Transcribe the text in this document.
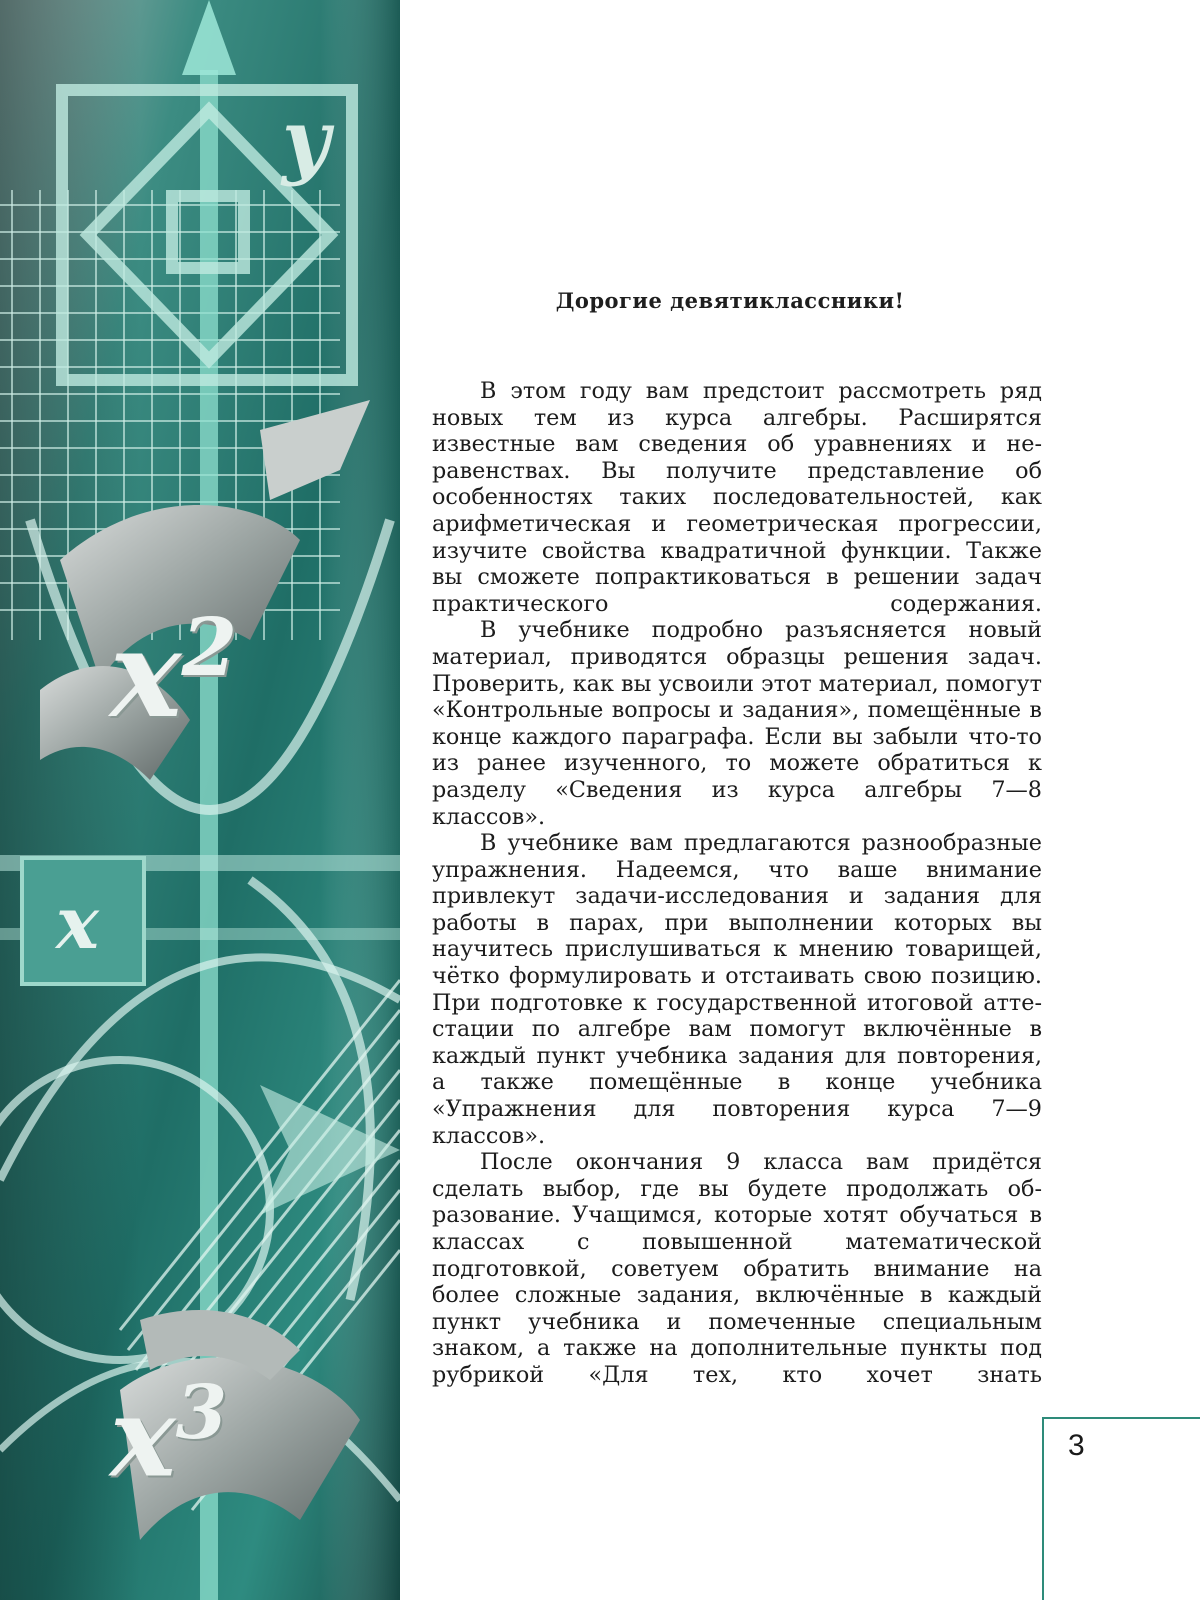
y
x
$x^2$
$x^3$
Дорогие девятиклассники!

В этом году вам предстоит рассмотреть ряд новых тем из курса алгебры. Расширятся известные вам сведения об уравнениях и неравенствах. Вы получите представление об особенностях таких последовательностей, как арифметическая и геометрическая прогрессии, изучите свойства квадратичной функции. Также вы сможете попрактиковаться в решении задач практического содержания.

В учебнике подробно разъясняется новый материал, приводятся образцы решения задач. Проверить, как вы усвоили этот материал, помогут «Контрольные вопросы и задания», помещённые в конце каждого параграфа. Если вы забыли что-то из ранее изученного, то можете обратиться к разделу «Сведения из курса алгебры 7—8 классов».

В учебнике вам предлагаются разнообразные упражнения. Надеемся, что ваше внимание привлекут задачи-исследования и задания для работы в парах, при выполнении которых вы научитесь прислушиваться к мнению товарищей, чётко формулировать и отстаивать свою позицию. При подготовке к государственной итоговой аттестации по алгебре вам помогут включённые в каждый пункт учебника задания для повторения, а также помещённые в конце учебника «Упражнения для повторения курса 7—9 классов».

После окончания 9 класса вам придётся сделать выбор, где вы будете продолжать образование. Учащимся, которые хотят обучаться в классах с повышенной математической подготовкой, советуем обратить внимание на более сложные задания, включённые в каждый пункт учебника и помеченные специальным знаком, а также на дополнительные пункты под рубрикой «Для тех, кто хочет знать

3
